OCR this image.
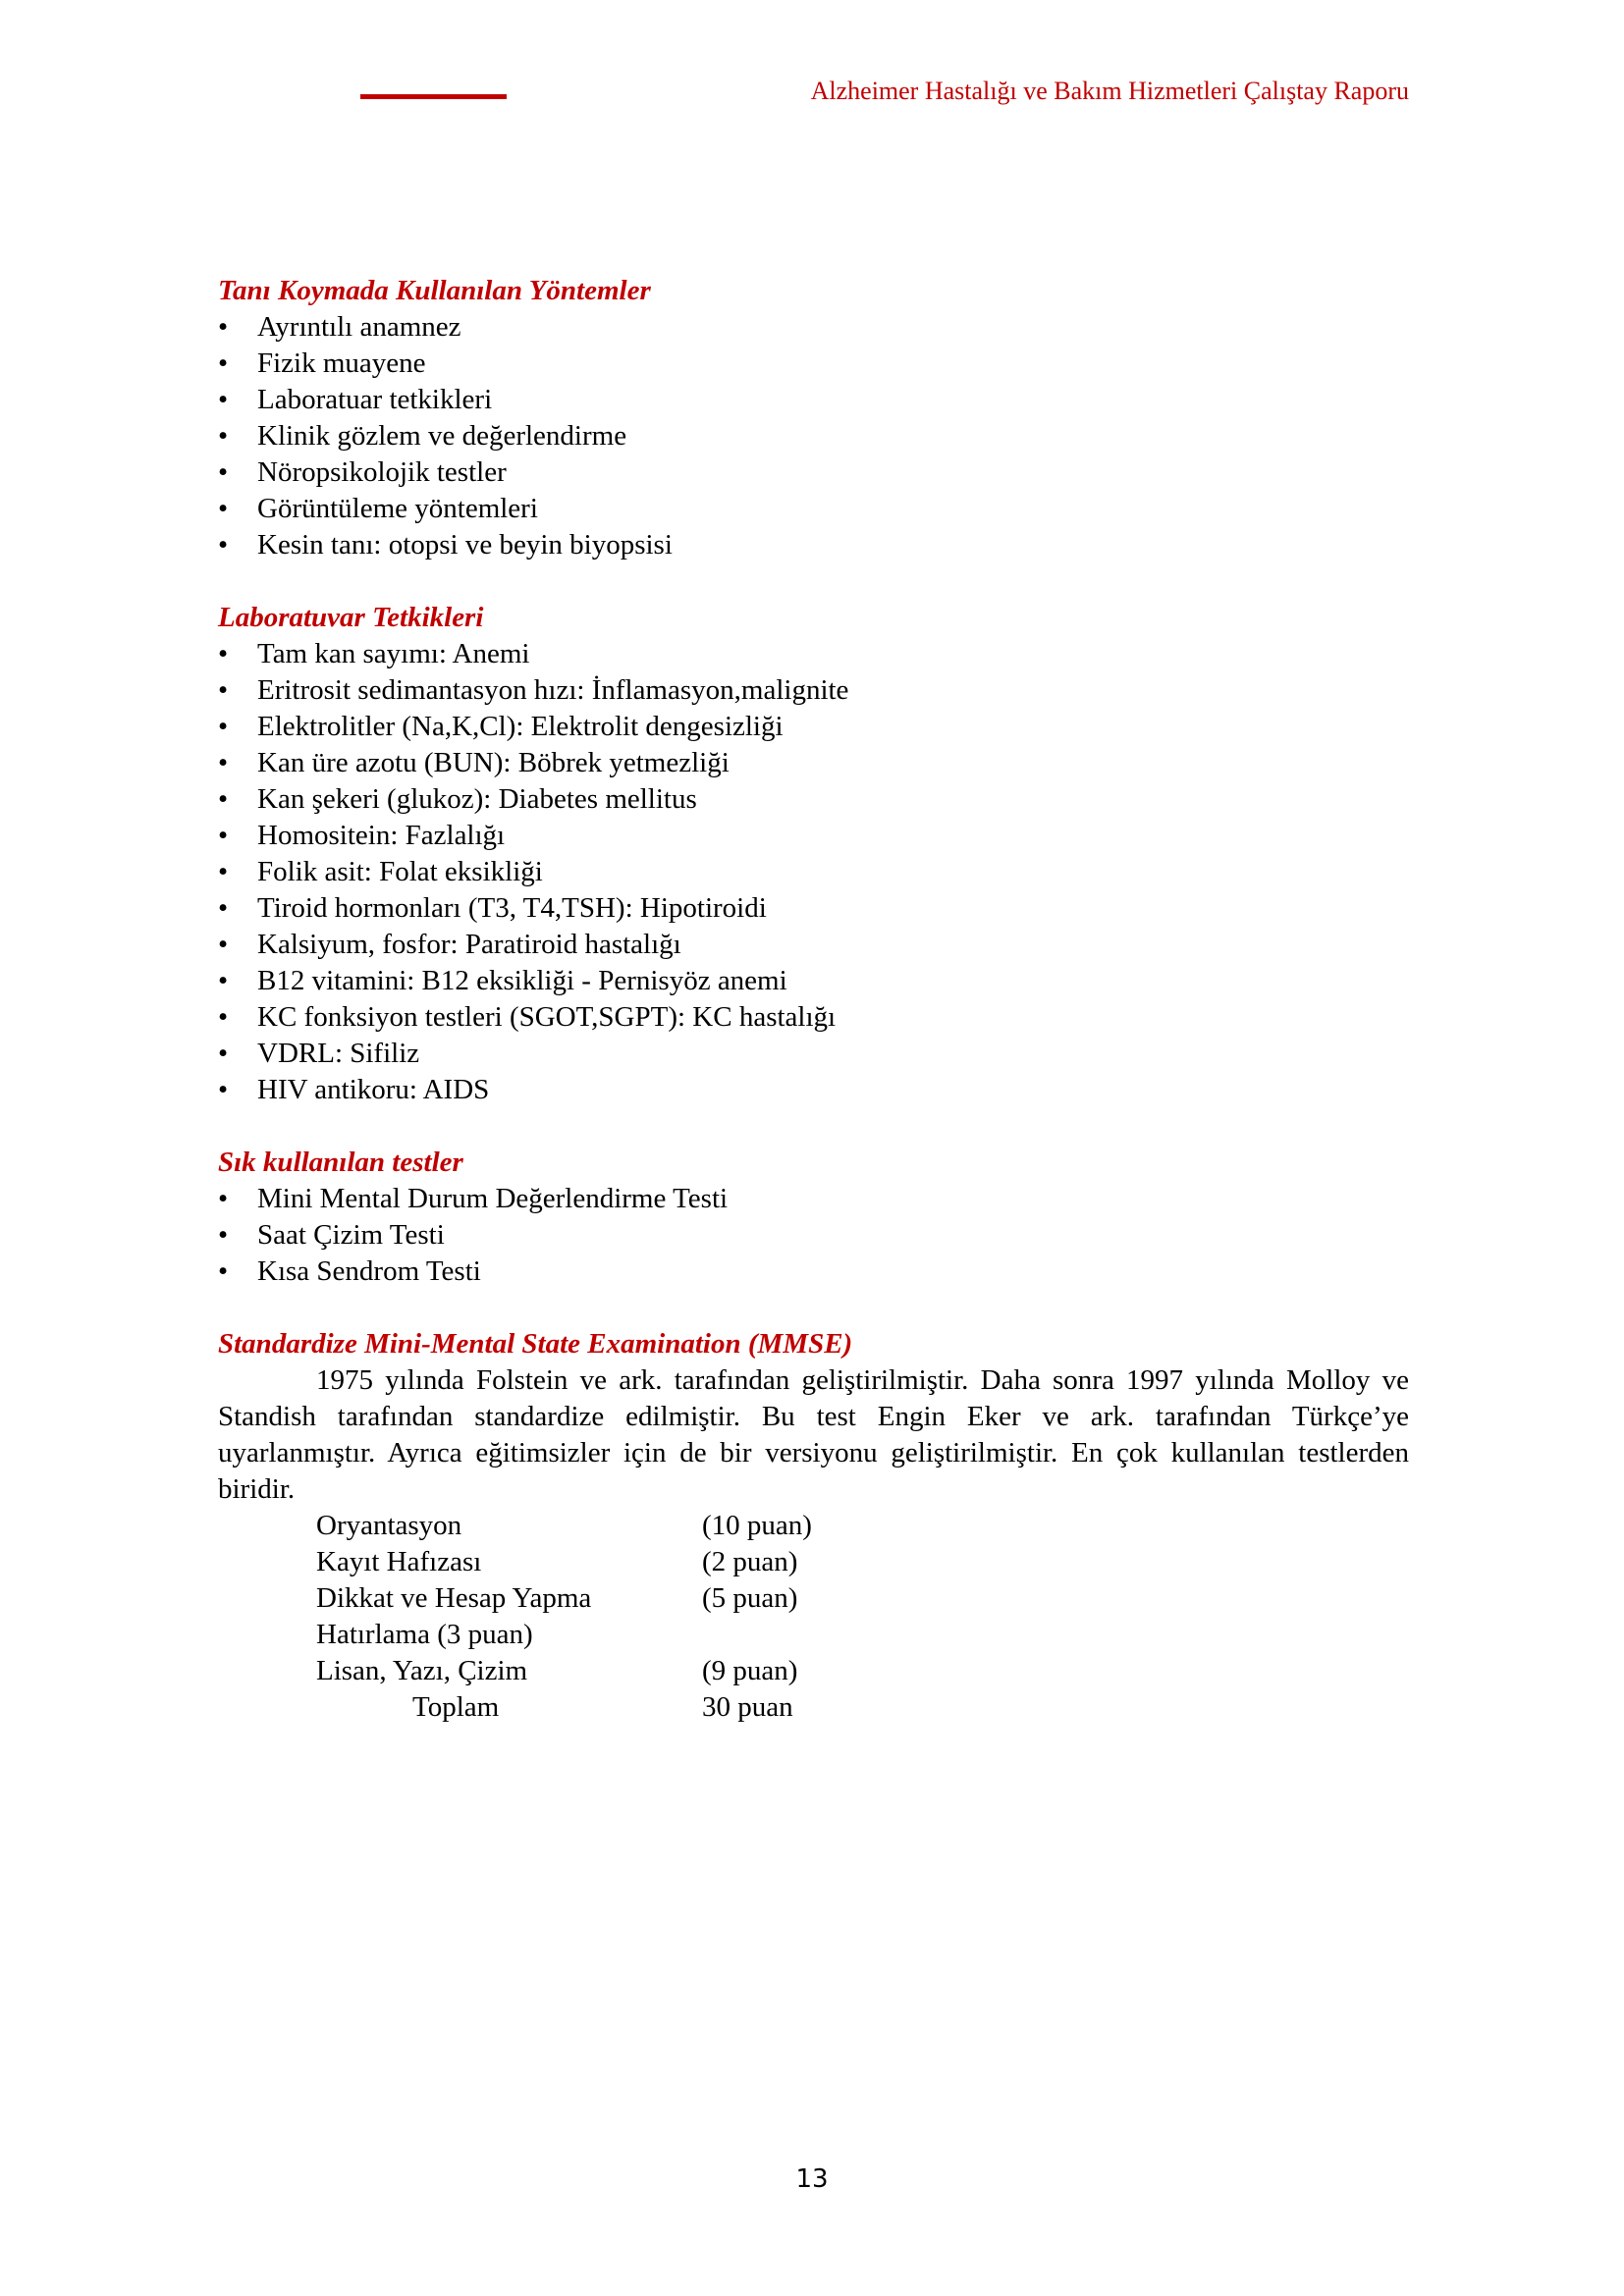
Alzheimer Hastalığı ve Bakım Hizmetleri Çalıştay Raporu

Tanı Koymada Kullanılan Yöntemler

• Ayrıntılı anamnez
• Fizik muayene
• Laboratuar tetkikleri
• Klinik gözlem ve değerlendirme
• Nöropsikolojik testler
• Görüntüleme yöntemleri
• Kesin tanı: otopsi ve beyin biyopsisi

Laboratuvar Tetkikleri

• Tam kan sayımı: Anemi
• Eritrosit sedimantasyon hızı: İnflamasyon,malignite
• Elektrolitler (Na,K,Cl): Elektrolit dengesizliği
• Kan üre azotu (BUN): Böbrek yetmezliği
• Kan şekeri (glukoz): Diabetes mellitus
• Homositein: Fazlalığı
• Folik asit: Folat eksikliği
• Tiroid hormonları (T3, T4,TSH): Hipotiroidi
• Kalsiyum, fosfor: Paratiroid hastalığı
• B12 vitamini: B12 eksikliği - Pernisyöz anemi
• KC fonksiyon testleri (SGOT,SGPT): KC hastalığı
• VDRL: Sifiliz
• HIV antikoru: AIDS

Sık kullanılan testler

• Mini Mental Durum Değerlendirme Testi
• Saat Çizim Testi
• Kısa Sendrom Testi

Standardize Mini-Mental State Examination (MMSE)

1975 yılında Folstein ve ark. tarafından geliştirilmiştir. Daha sonra 1997 yılında Molloy ve Standish tarafından standardize edilmiştir. Bu test Engin Eker ve ark. tarafından Türkçe’ye uyarlanmıştır. Ayrıca eğitimsizler için de bir versiyonu geliştirilmiştir. En çok kullanılan testlerden biridir.

Oryantasyon	(10 puan)
Kayıt Hafızası	(2 puan)
Dikkat ve Hesap Yapma	(5 puan)
Hatırlama (3 puan)
Lisan, Yazı, Çizim	(9 puan)
Toplam	30 puan
13
